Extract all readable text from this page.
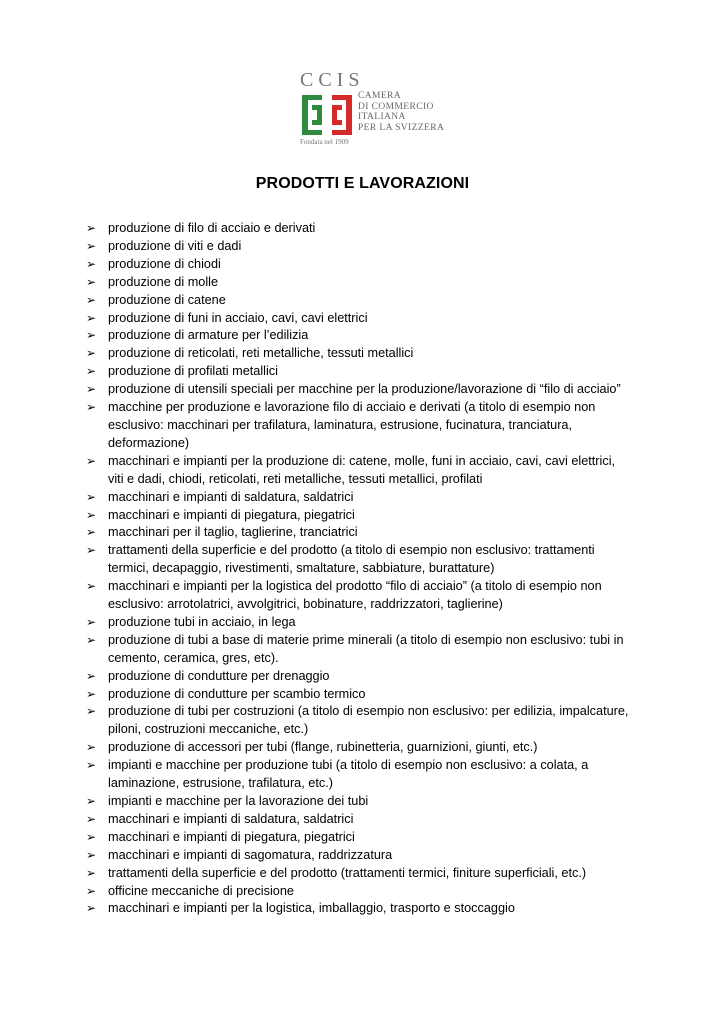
CCIS
CAMERA
DI COMMERCIO
ITALIANA
PER LA SVIZZERA
Fondata nel 1909
PRODOTTI E LAVORAZIONI
➢ produzione di filo di acciaio e derivati
➢ produzione di viti e dadi
➢ produzione di chiodi
➢ produzione di molle
➢ produzione di catene
➢ produzione di funi in acciaio, cavi, cavi elettrici
➢ produzione di armature per l’edilizia
➢ produzione di reticolati, reti metalliche, tessuti metallici
➢ produzione di profilati metallici
➢ produzione di utensili speciali per macchine per la produzione/lavorazione di “filo di acciaio”
➢ macchine per produzione e lavorazione filo di acciaio e derivati (a titolo di esempio non
esclusivo: macchinari per trafilatura, laminatura, estrusione, fucinatura, tranciatura,
deformazione)
➢ macchinari e impianti per la produzione di: catene, molle, funi in acciaio, cavi, cavi elettrici,
viti e dadi, chiodi, reticolati, reti metalliche, tessuti metallici, profilati
➢ macchinari e impianti di saldatura, saldatrici
➢ macchinari e impianti di piegatura, piegatrici
➢ macchinari per il taglio, taglierine, tranciatrici
➢ trattamenti della superficie e del prodotto (a titolo di esempio non esclusivo: trattamenti
termici, decapaggio, rivestimenti, smaltature, sabbiature, burattature)
➢ macchinari e impianti per la logistica del prodotto “filo di acciaio” (a titolo di esempio non
esclusivo: arrotolatrici, avvolgitrici, bobinature, raddrizzatori, taglierine)
➢ produzione tubi in acciaio, in lega
➢ produzione di tubi a base di materie prime minerali (a titolo di esempio non esclusivo: tubi in
cemento, ceramica, gres, etc).
➢ produzione di condutture per drenaggio
➢ produzione di condutture per scambio termico
➢ produzione di tubi per costruzioni (a titolo di esempio non esclusivo: per edilizia, impalcature,
piloni, costruzioni meccaniche, etc.)
➢ produzione di accessori per tubi (flange, rubinetteria, guarnizioni, giunti, etc.)
➢ impianti e macchine per produzione tubi (a titolo di esempio non esclusivo: a colata, a
laminazione, estrusione, trafilatura, etc.)
➢ impianti e macchine per la lavorazione dei tubi
➢ macchinari e impianti di saldatura, saldatrici
➢ macchinari e impianti di piegatura, piegatrici
➢ macchinari e impianti di sagomatura, raddrizzatura
➢ trattamenti della superficie e del prodotto (trattamenti termici, finiture superficiali, etc.)
➢ officine meccaniche di precisione
➢ macchinari e impianti per la logistica, imballaggio, trasporto e stoccaggio
